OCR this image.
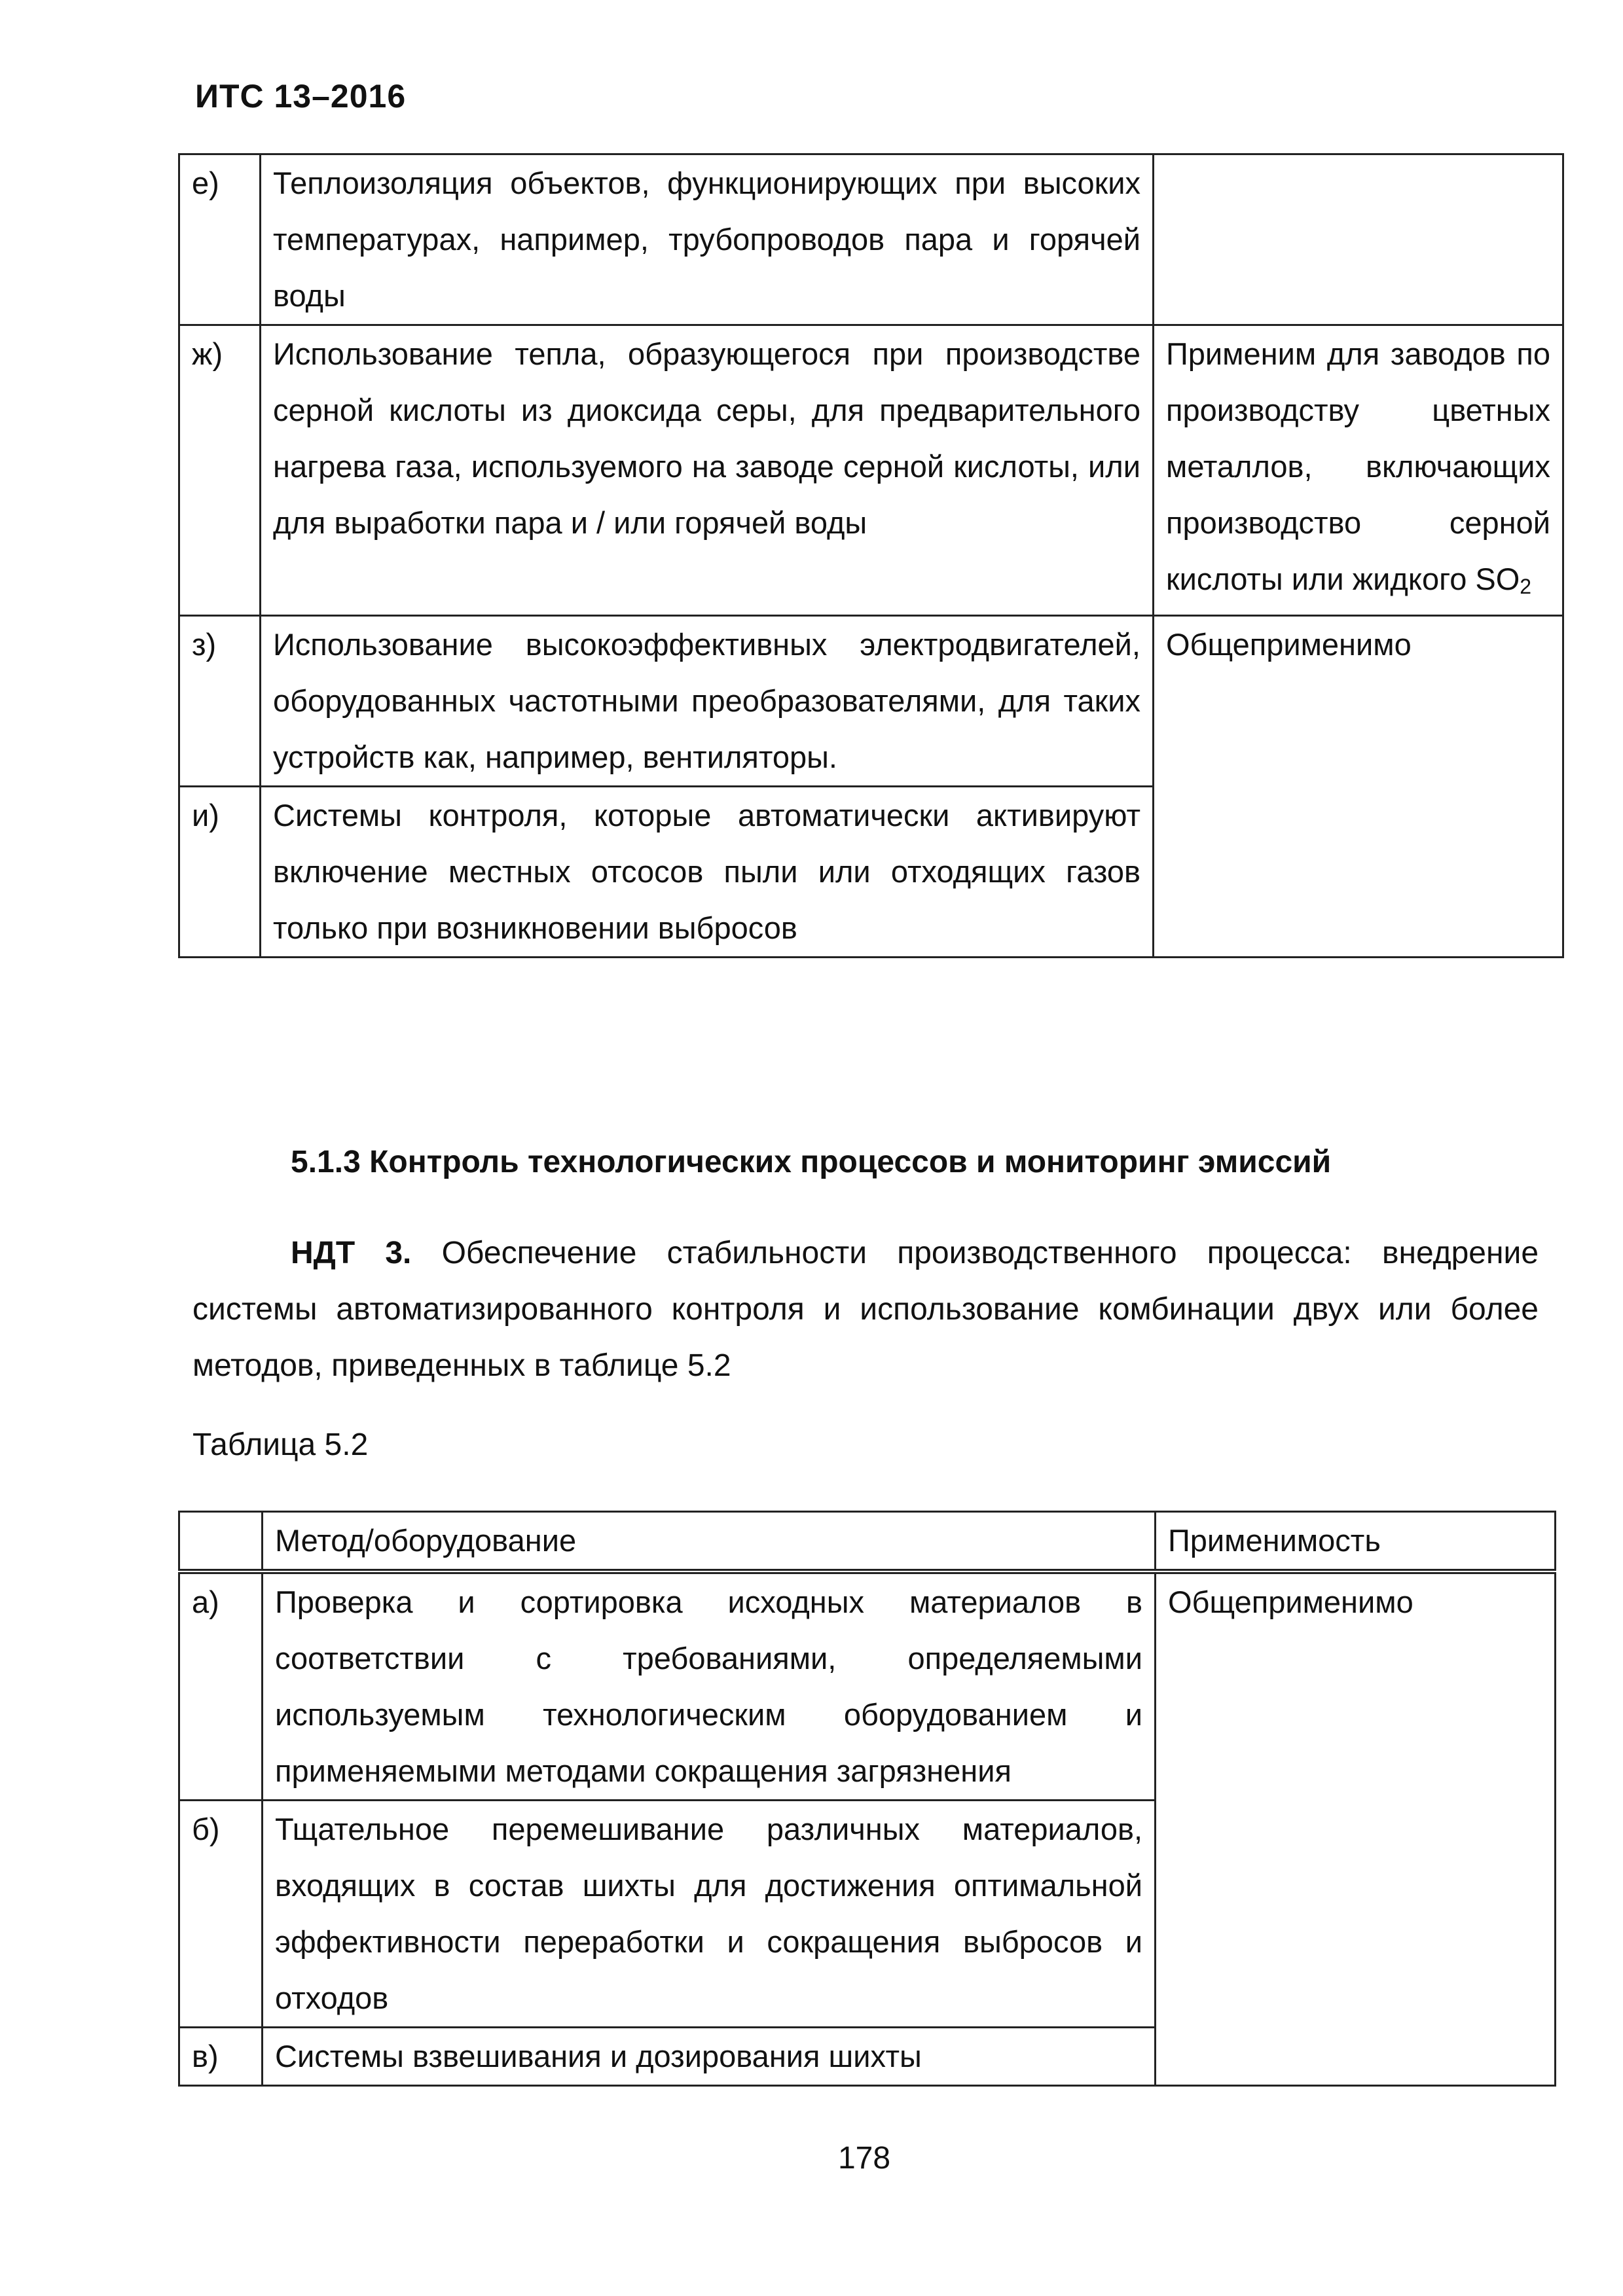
ИТС 13–2016
е)	Теплоизоляция объектов, функционирующих при высоких температурах, например, трубопроводов пара и горячей воды	
ж)	Использование тепла, образующегося при производстве серной кислоты из диоксида серы, для предварительного нагрева газа, используемого на заводе серной кислоты, или для выработки пара и / или горячей воды	Применим для заводов по производству цветных металлов, включающих производство серной кислоты или жидкого $SO_2$
з)	Использование высокоэффективных электродвигателей, оборудованных частотными преобразователями, для таких устройств как, например, вентиляторы.	Общеприменимо
и)	Системы контроля, которые автоматически активируют включение местных отсосов пыли или отходящих газов только при возникновении выбросов	
5.1.3 Контроль технологических процессов и мониторинг эмиссий
НДТ 3. Обеспечение стабильности производственного процесса: внедрение системы автоматизированного контроля и использование комбинации двух или более методов, приведенных в таблице 5.2
Таблица 5.2
	Метод/оборудование	Применимость
а)	Проверка и сортировка исходных материалов в соответствии с требованиями, определяемыми используемым технологическим оборудованием и применяемыми методами сокращения загрязнения	Общеприменимо
б)	Тщательное перемешивание различных материалов, входящих в состав шихты для достижения оптимальной эффективности переработки и сокращения выбросов и отходов	
в)	Системы взвешивания и дозирования шихты	
178
